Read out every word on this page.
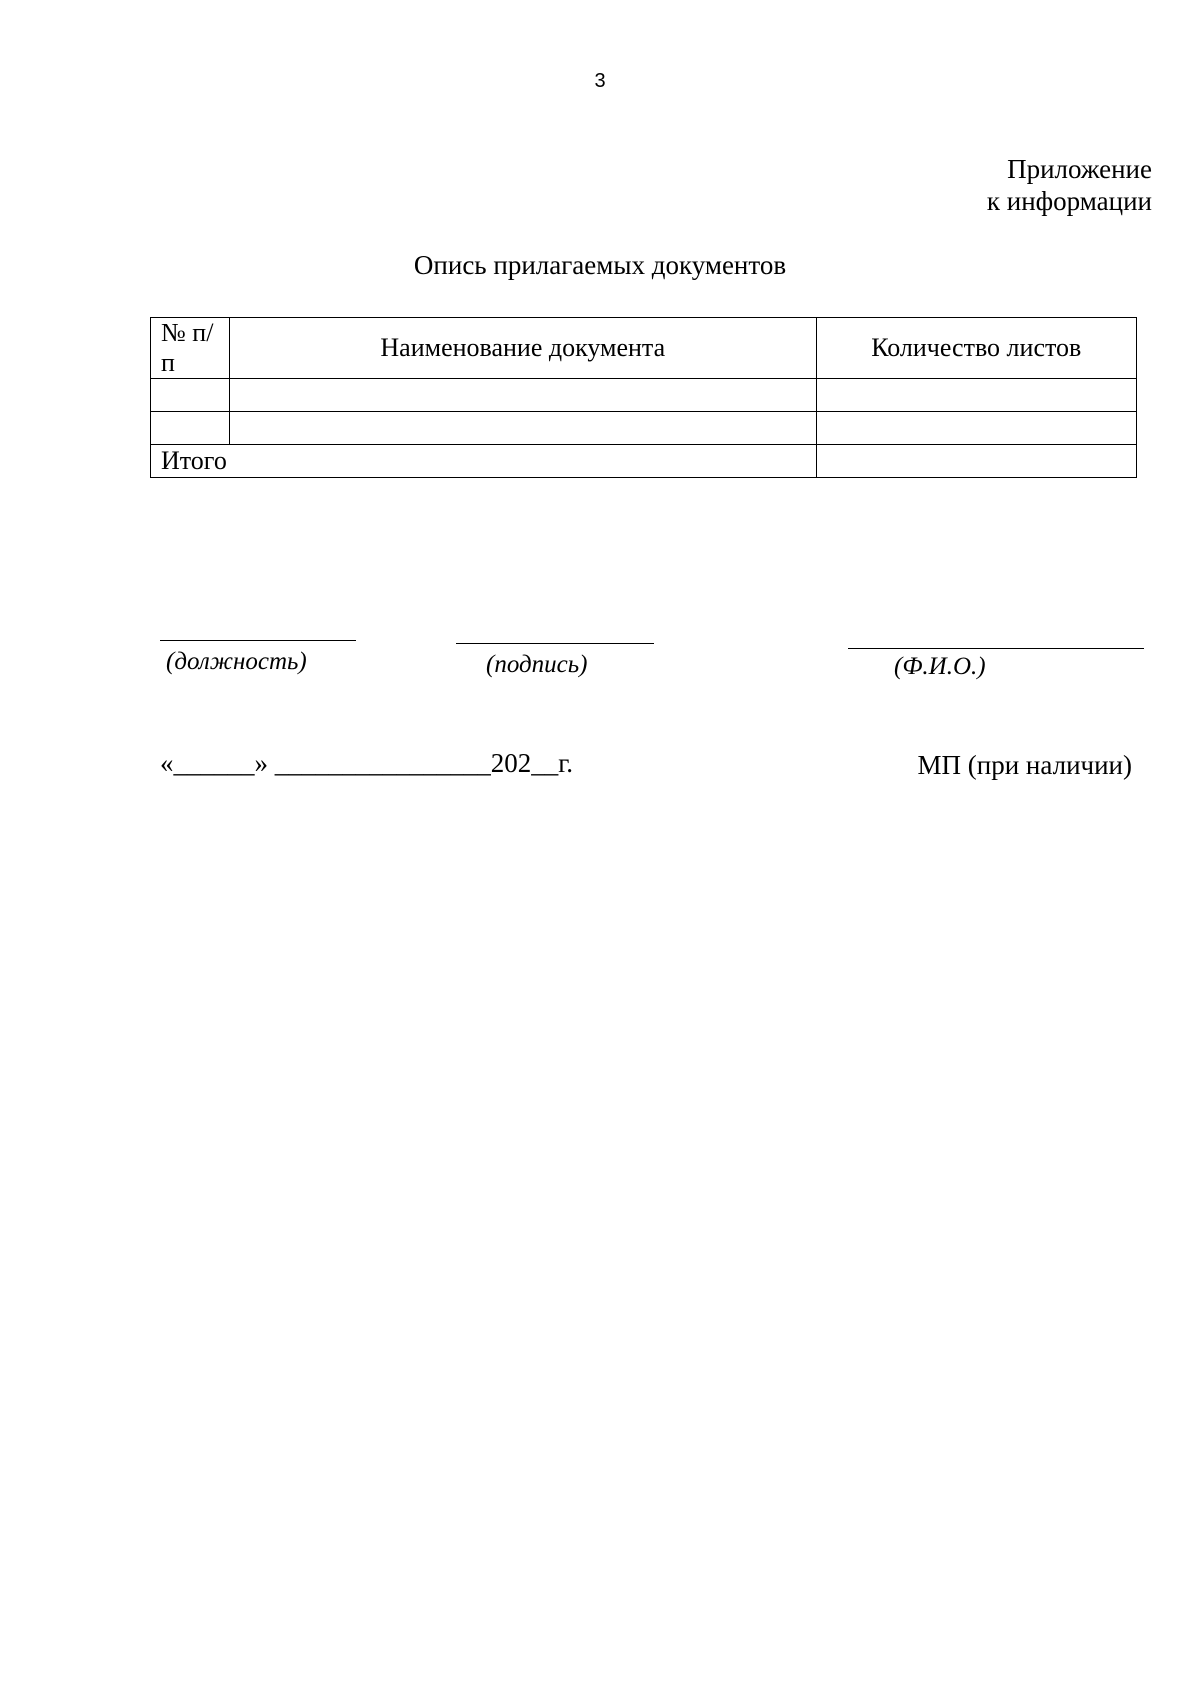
3
Приложение
к информации
Опись прилагаемых документов
№ п/п	Наименование документа	Количество листов

Итого		
(должность)	(подпись)	(Ф.И.О.)
«______» ________________202__г.	МП (при наличии)
